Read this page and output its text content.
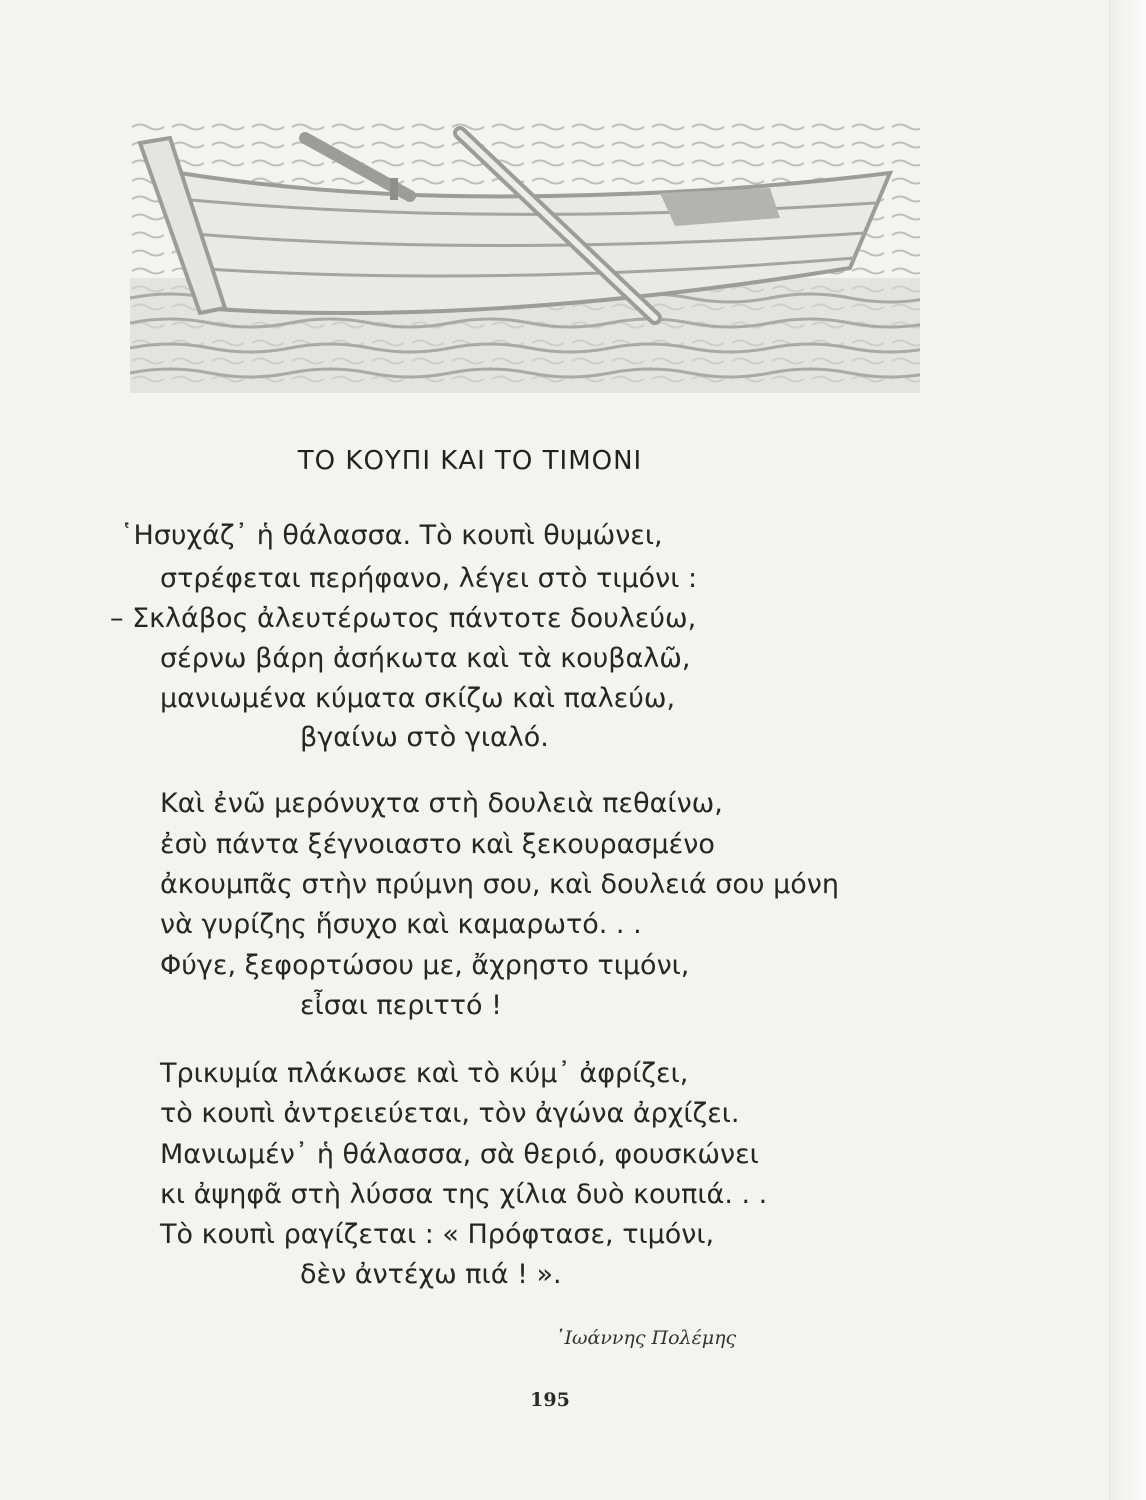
ΤΟ ΚΟΥΠΙ ΚΑΙ ΤΟ ΤΙΜΟΝΙ
῾Ησυχάζ᾽ ἡ θάλασσα. Τὸ κουπὶ θυμώνει,
στρέφεται περήφανο, λέγει στὸ τιμόνι :
– Σκλάβος ἀλευτέρωτος πάντοτε δουλεύω,
σέρνω βάρη ἀσήκωτα καὶ τὰ κουβαλῶ,
μανιωμένα κύματα σκίζω καὶ παλεύω,
βγαίνω στὸ γιαλό.
Καὶ ἐνῶ μερόνυχτα στὴ δουλειὰ πεθαίνω,
ἐσὺ πάντα ξέγνοιαστο καὶ ξεκουρασμένο
ἀκουμπᾶς στὴν πρύμνη σου, καὶ δουλειά σου μόνη
νὰ γυρίζης ἥσυχο καὶ καμαρωτό. . .
Φύγε, ξεφορτώσου με, ἄχρηστο τιμόνι,
εἶσαι περιττό !
Τρικυμία πλάκωσε καὶ τὸ κύμ᾽ ἀφρίζει,
τὸ κουπὶ ἀντρειεύεται, τὸν ἀγώνα ἀρχίζει.
Μανιωμέν᾽ ἡ θάλασσα, σὰ θεριό, φουσκώνει
κι ἀψηφᾶ στὴ λύσσα της χίλια δυὸ κουπιά. . .
Τὸ κουπὶ ραγίζεται : « Πρόφτασε, τιμόνι,
δὲν ἀντέχω πιά ! ».
᾿Ιωάννης Πολέμης
195
